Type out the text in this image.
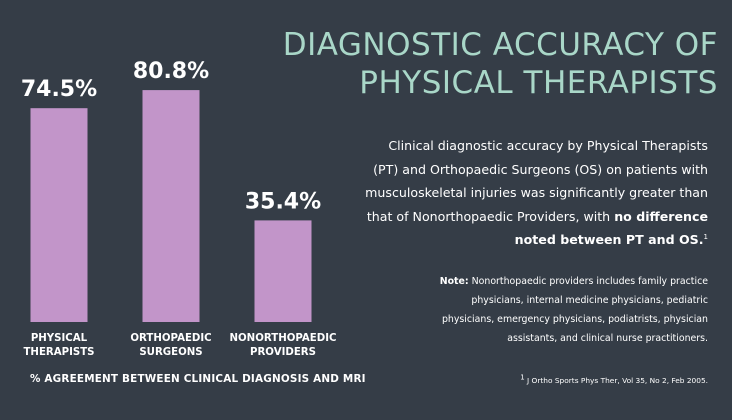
74.5%
PHYSICAL
THERAPISTS
80.8%
ORTHOPAEDIC
SURGEONS
35.4%
NONORTHOPAEDIC
PROVIDERS
DIAGNOSTIC ACCURACY OF
PHYSICAL THERAPISTS
Clinical diagnostic accuracy by Physical Therapists (PT) and Orthopaedic Surgeons (OS) on patients with musculoskeletal injuries was significantly greater than that of Nonorthopaedic Providers, with no difference noted between PT and OS.$^1$
Note: Nonorthopaedic providers includes family practice physicians, internal medicine physicians, pediatric physicians, emergency physicians, podiatrists, physician assistants, and clinical nurse practitioners.
% AGREEMENT BETWEEN CLINICAL DIAGNOSIS AND MRI	$^1$ J Ortho Sports Phys Ther, Vol 35, No 2, Feb 2005.
